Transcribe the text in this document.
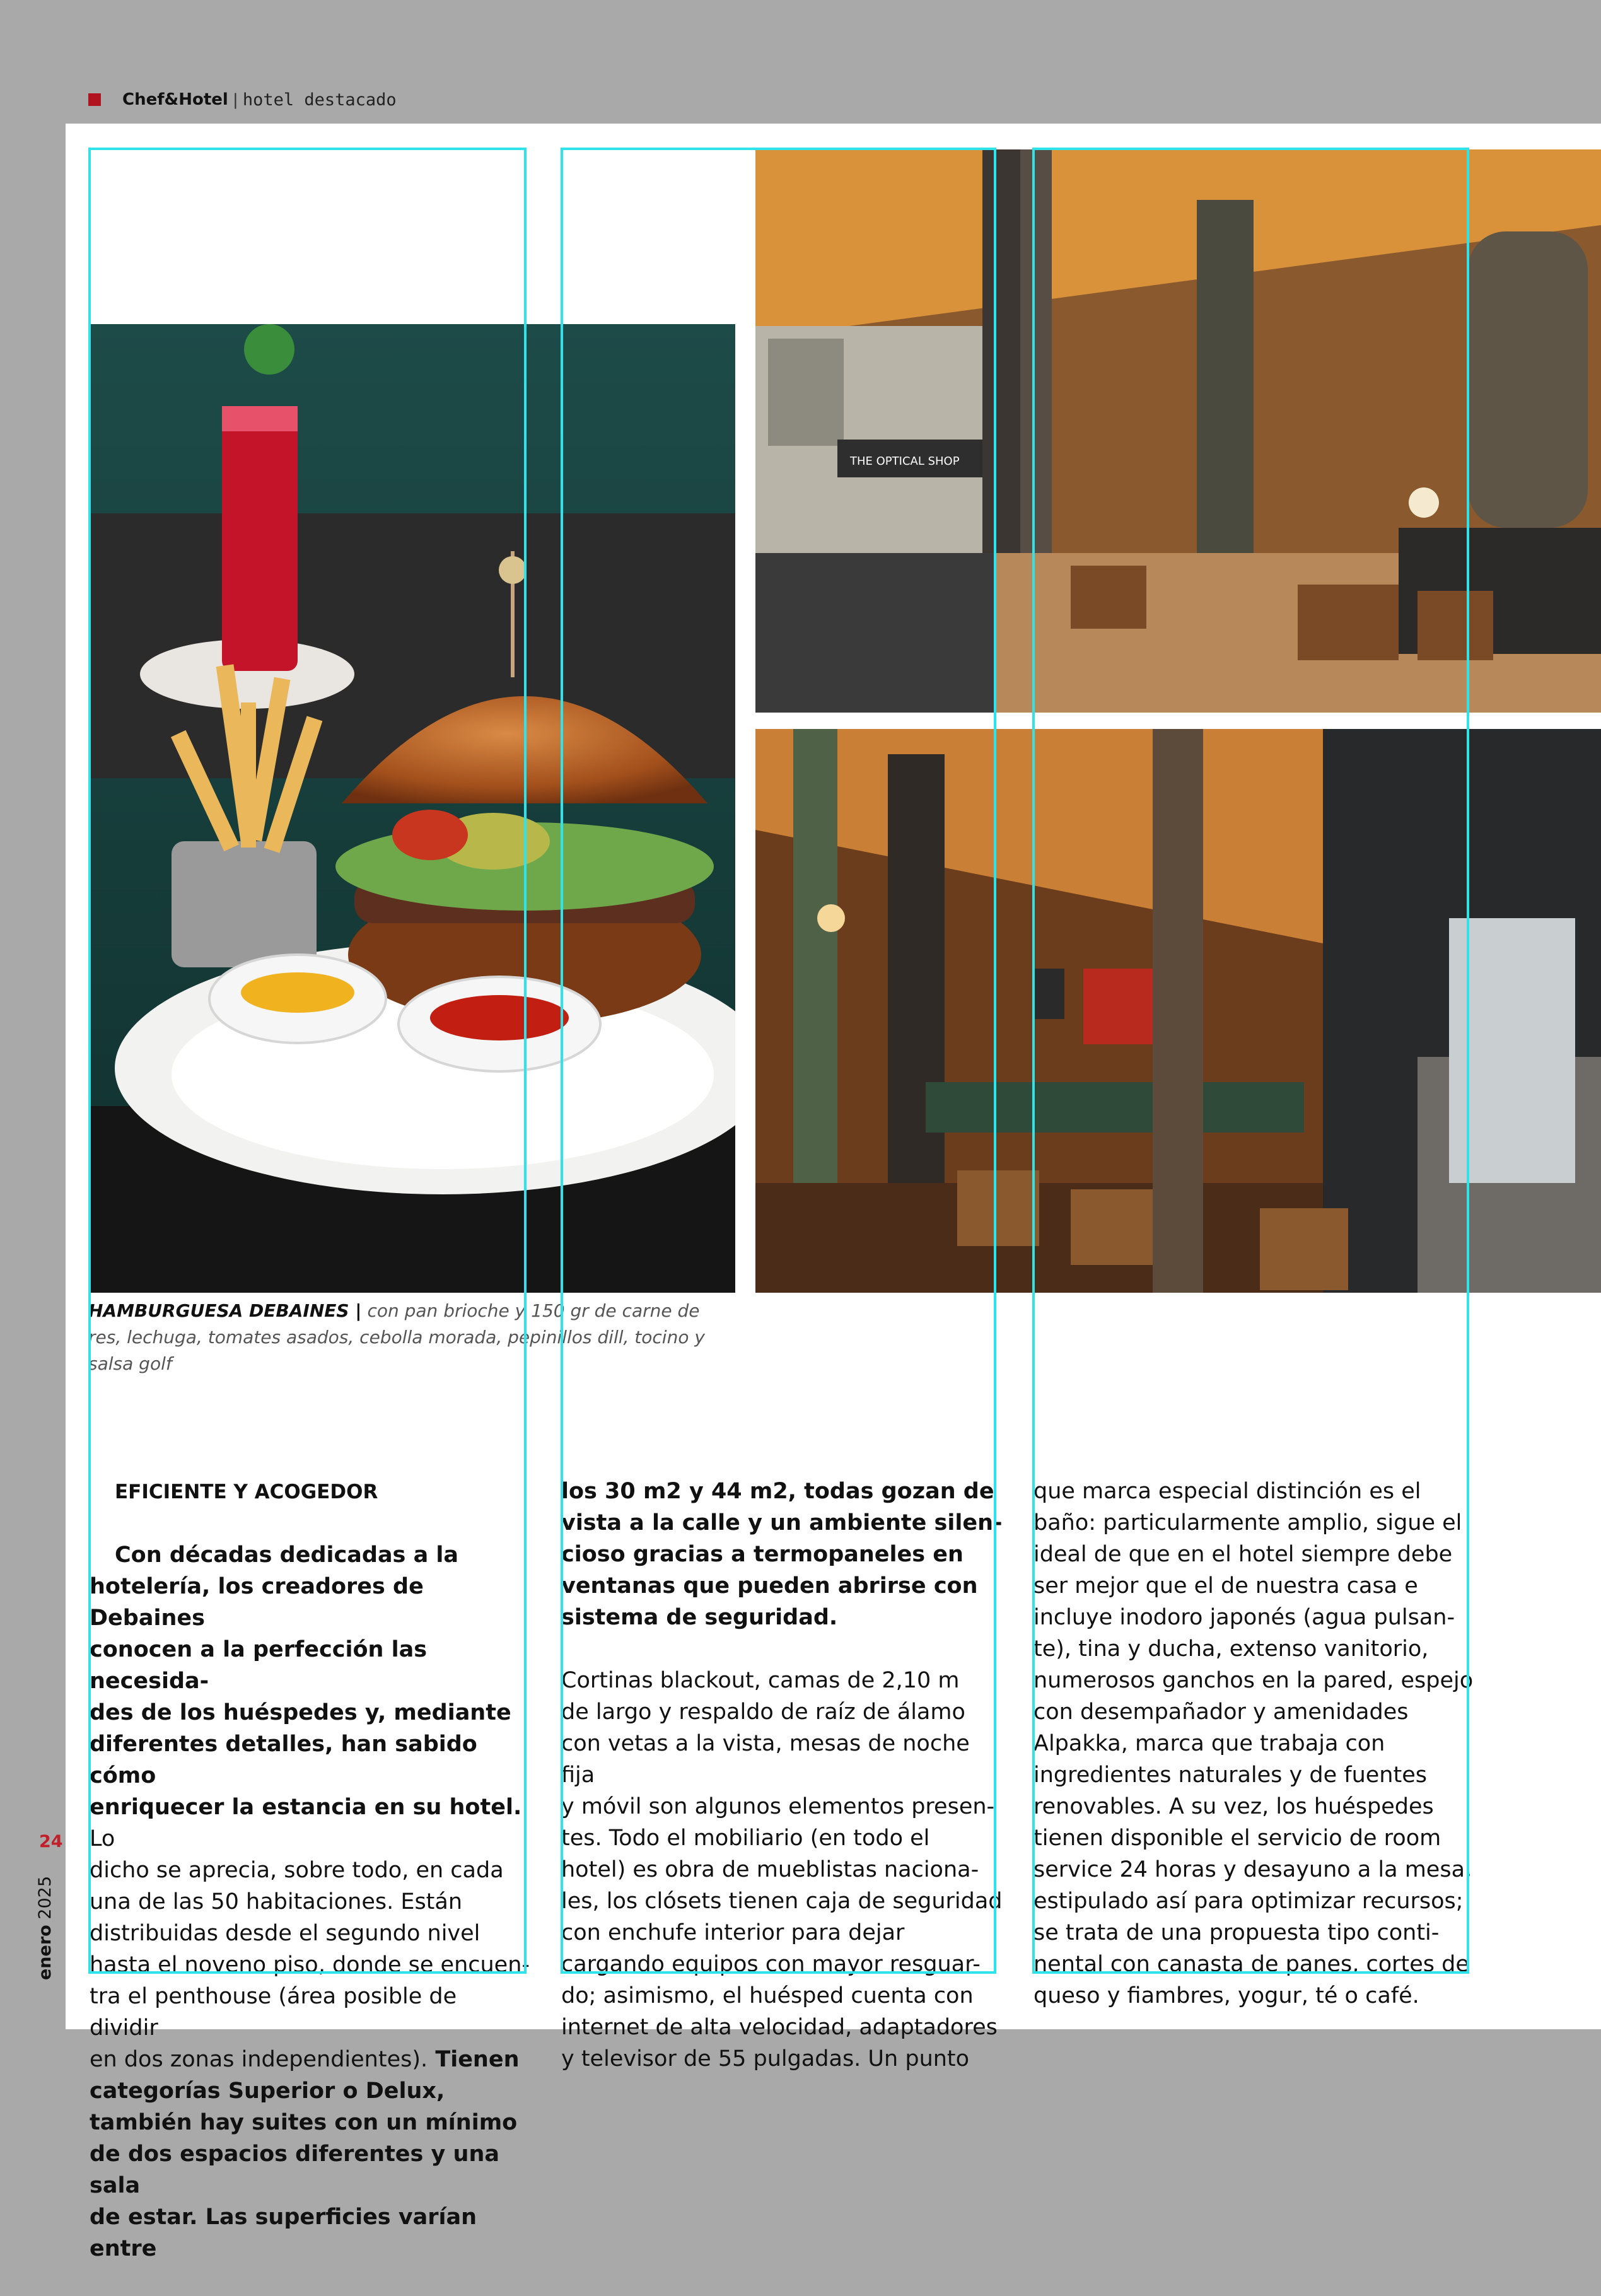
Chef&Hotel | hotel destacado
THE OPTICAL SHOP
HAMBURGUESA DEBAINES | con pan brioche y 150 gr de carne de res, lechuga, tomates asados, cebolla morada, pepinillos dill, tocino y salsa golf

EFICIENTE Y ACOGEDOR

Con décadas dedicadas a la
hotelería, los creadores de Debaines
conocen a la perfección las necesida-
des de los huéspedes y, mediante
diferentes detalles, han sabido cómo
enriquecer la estancia en su hotel. Lo
dicho se aprecia, sobre todo, en cada
una de las 50 habitaciones. Están
distribuidas desde el segundo nivel
hasta el noveno piso, donde se encuen-
tra el penthouse (área posible de dividir
en dos zonas independientes). Tienen
categorías Superior o Delux,
también hay suites con un mínimo
de dos espacios diferentes y una sala
de estar. Las superficies varían entre

los 30 m2 y 44 m2, todas gozan de
vista a la calle y un ambiente silen-
cioso gracias a termopaneles en
ventanas que pueden abrirse con
sistema de seguridad.

Cortinas blackout, camas de 2,10 m
de largo y respaldo de raíz de álamo
con vetas a la vista, mesas de noche fija
y móvil son algunos elementos presen-
tes. Todo el mobiliario (en todo el
hotel) es obra de mueblistas naciona-
les, los clósets tienen caja de seguridad
con enchufe interior para dejar
cargando equipos con mayor resguar-
do; asimismo, el huésped cuenta con
internet de alta velocidad, adaptadores
y televisor de 55 pulgadas. Un punto

que marca especial distinción es el
baño: particularmente amplio, sigue el
ideal de que en el hotel siempre debe
ser mejor que el de nuestra casa e
incluye inodoro japonés (agua pulsan-
te), tina y ducha, extenso vanitorio,
numerosos ganchos en la pared, espejo
con desempañador y amenidades
Alpakka, marca que trabaja con
ingredientes naturales y de fuentes
renovables. A su vez, los huéspedes
tienen disponible el servicio de room
service 24 horas y desayuno a la mesa,
estipulado así para optimizar recursos;
se trata de una propuesta tipo conti-
nental con canasta de panes, cortes de
queso y fiambres, yogur, té o café.

24
enero 2025
